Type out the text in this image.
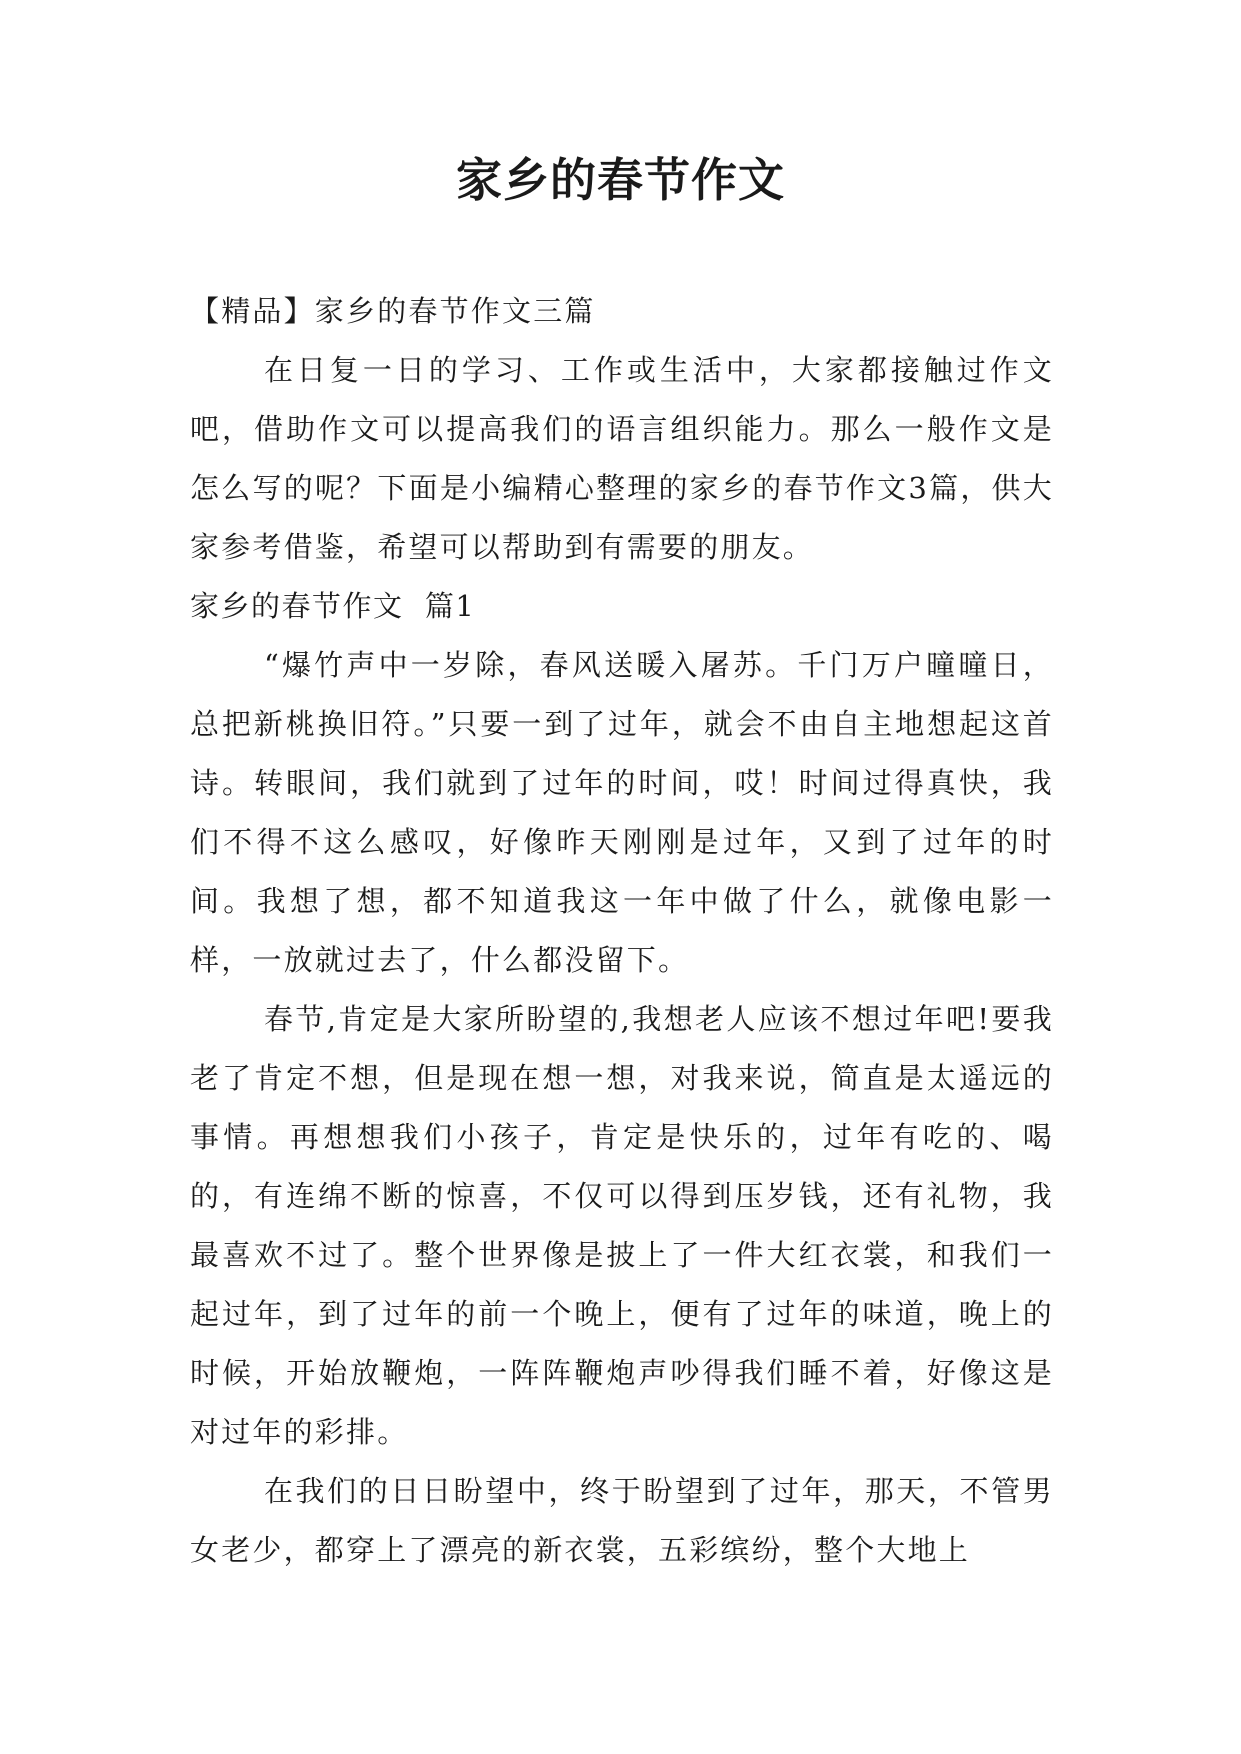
家乡的春节作文

【精品】家乡的春节作文三篇

在日复一日的学习、工作或生活中，大家都接触过作文吧，借助作文可以提高我们的语言组织能力。那么一般作文是怎么写的呢？下面是小编精心整理的家乡的春节作文3篇，供大家参考借鉴，希望可以帮助到有需要的朋友。

家乡的春节作文  篇1

“爆竹声中一岁除，春风送暖入屠苏。千门万户曈曈日，总把新桃换旧符。”只要一到了过年，就会不由自主地想起这首诗。转眼间，我们就到了过年的时间，哎！时间过得真快，我们不得不这么感叹，好像昨天刚刚是过年，又到了过年的时间。我想了想，都不知道我这一年中做了什么，就像电影一样，一放就过去了，什么都没留下。

春节,肯定是大家所盼望的,我想老人应该不想过年吧!要我老了肯定不想，但是现在想一想，对我来说，简直是太遥远的事情。再想想我们小孩子，肯定是快乐的，过年有吃的、喝的，有连绵不断的惊喜，不仅可以得到压岁钱，还有礼物，我最喜欢不过了。整个世界像是披上了一件大红衣裳，和我们一起过年，到了过年的前一个晚上，便有了过年的味道，晚上的时候，开始放鞭炮，一阵阵鞭炮声吵得我们睡不着，好像这是对过年的彩排。

在我们的日日盼望中，终于盼望到了过年，那天，不管男女老少，都穿上了漂亮的新衣裳，五彩缤纷，整个大地上
